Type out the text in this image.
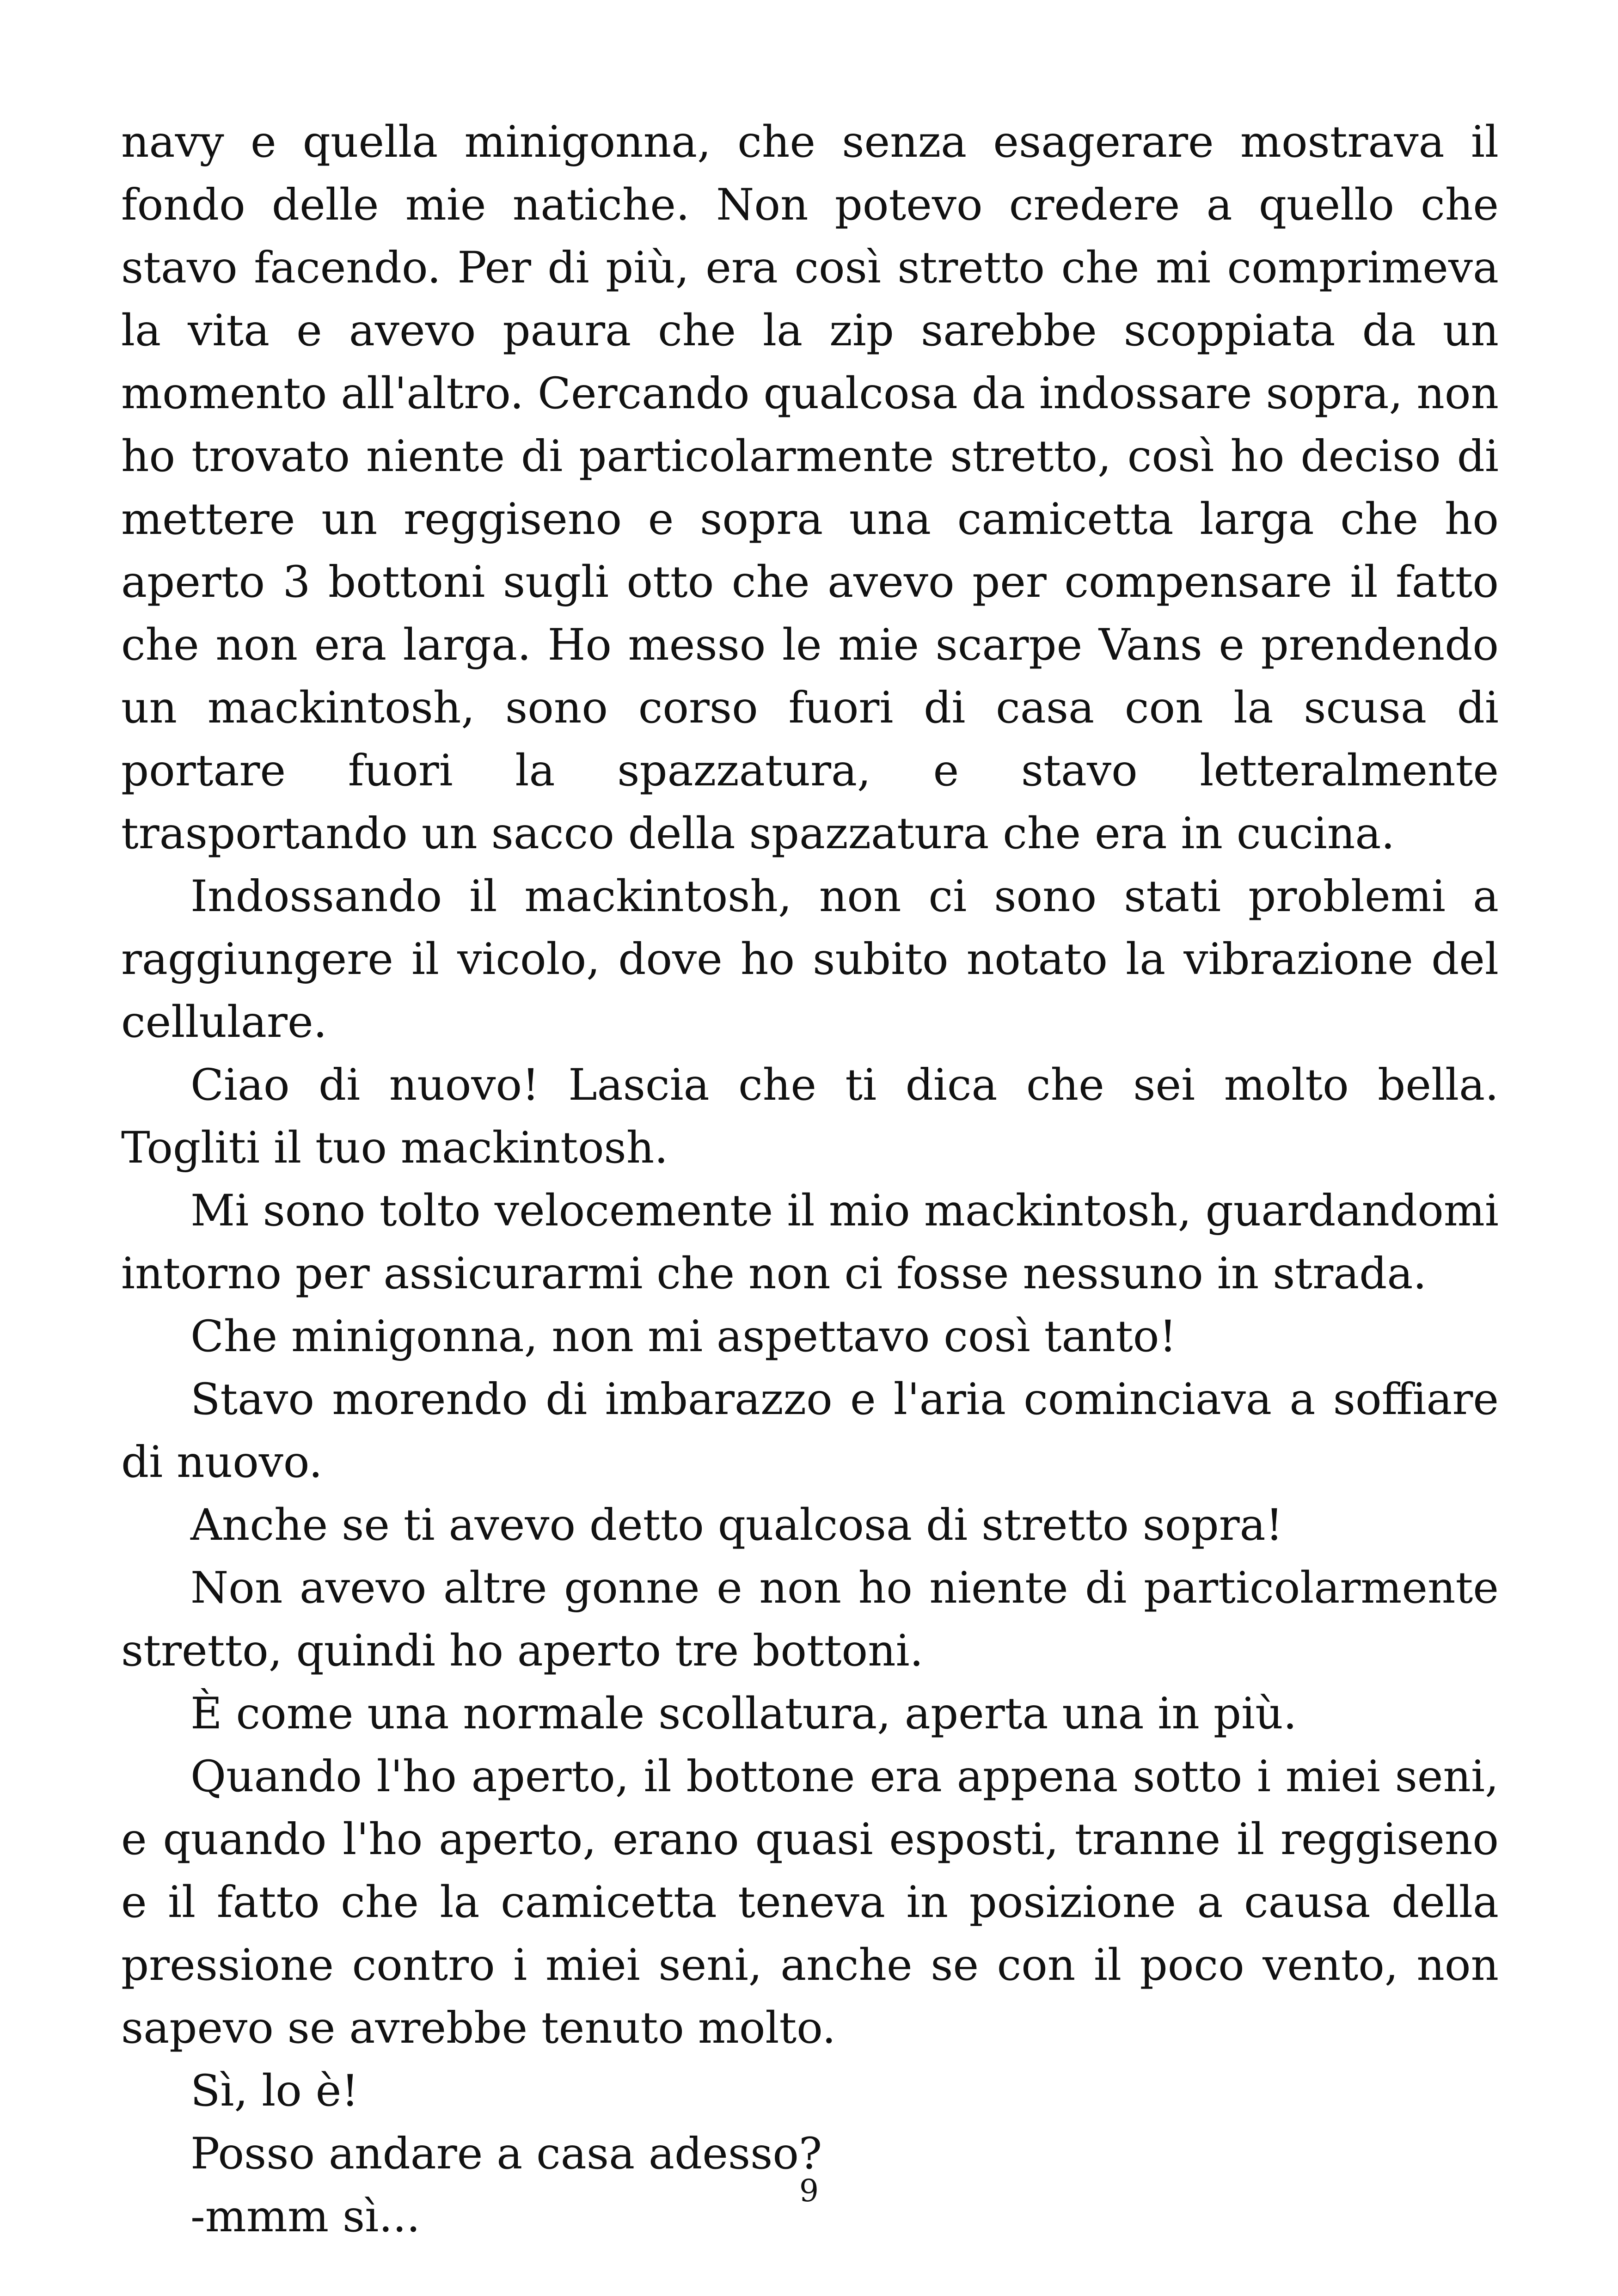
navy e quella minigonna, che senza esagerare mostrava il fondo delle mie natiche. Non potevo credere a quello che stavo facendo. Per di più, era così stretto che mi comprimeva la vita e avevo paura che la zip sarebbe scoppiata da un momento all'altro. Cercando qualcosa da indossare sopra, non ho trovato niente di particolarmente stretto, così ho deciso di mettere un reggiseno e sopra una camicetta larga che ho aperto 3 bottoni sugli otto che avevo per compensare il fatto che non era larga. Ho messo le mie scarpe Vans e prendendo un mackintosh, sono corso fuori di casa con la scusa di portare fuori la spazzatura, e stavo letteralmente trasportando un sacco della spazzatura che era in cucina.

Indossando il mackintosh, non ci sono stati problemi a raggiungere il vicolo, dove ho subito notato la vibrazione del cellulare.

Ciao di nuovo! Lascia che ti dica che sei molto bella. Togliti il tuo mackintosh.

Mi sono tolto velocemente il mio mackintosh, guardandomi intorno per assicurarmi che non ci fosse nessuno in strada.

Che minigonna, non mi aspettavo così tanto!

Stavo morendo di imbarazzo e l'aria cominciava a soffiare di nuovo.

Anche se ti avevo detto qualcosa di stretto sopra!

Non avevo altre gonne e non ho niente di particolarmente stretto, quindi ho aperto tre bottoni.

È come una normale scollatura, aperta una in più.

Quando l'ho aperto, il bottone era appena sotto i miei seni, e quando l'ho aperto, erano quasi esposti, tranne il reggiseno e il fatto che la camicetta teneva in posizione a causa della pressione contro i miei seni, anche se con il poco vento, non sapevo se avrebbe tenuto molto.

Sì, lo è!

Posso andare a casa adesso?

-mmm sì...

9
